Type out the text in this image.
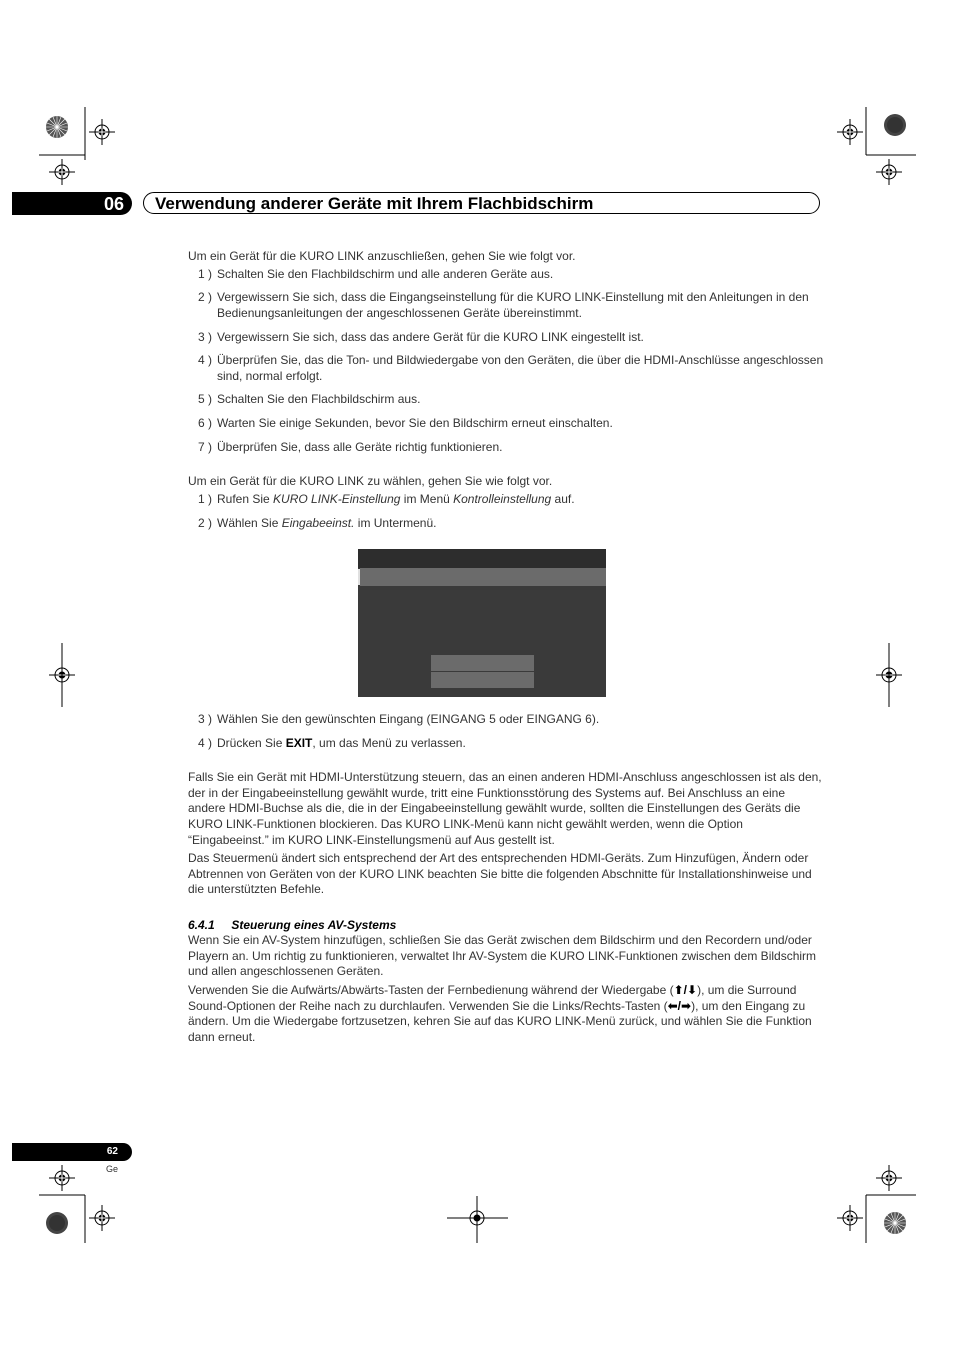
06 Verwendung anderer Geräte mit Ihrem Flachbidschirm
Um ein Gerät für die KURO LINK anzuschließen, gehen Sie wie folgt vor.
1 ) Schalten Sie den Flachbildschirm und alle anderen Geräte aus.
2 ) Vergewissern Sie sich, dass die Eingangseinstellung für die KURO LINK-Einstellung mit den Anleitungen in den Bedienungsanleitungen der angeschlossenen Geräte übereinstimmt.
3 ) Vergewissern Sie sich, dass das andere Gerät für die KURO LINK eingestellt ist.
4 ) Überprüfen Sie, das die Ton- und Bildwiedergabe von den Geräten, die über die HDMI-Anschlüsse angeschlossen sind, normal erfolgt.
5 ) Schalten Sie den Flachbildschirm aus.
6 ) Warten Sie einige Sekunden, bevor Sie den Bildschirm erneut einschalten.
7 ) Überprüfen Sie, dass alle Geräte richtig funktionieren.
Um ein Gerät für die KURO LINK zu wählen, gehen Sie wie folgt vor.
1 ) Rufen Sie KURO LINK-Einstellung im Menü Kontrolleinstellung auf.
2 ) Wählen Sie Eingabeeinst. im Untermenü.
3 ) Wählen Sie den gewünschten Eingang (EINGANG 5 oder EINGANG 6).
4 ) Drücken Sie EXIT, um das Menü zu verlassen.
Falls Sie ein Gerät mit HDMI-Unterstützung steuern, das an einen anderen HDMI-Anschluss angeschlossen ist als den, der in der Eingabeeinstellung gewählt wurde, tritt eine Funktionsstörung des Systems auf. Bei Anschluss an eine andere HDMI-Buchse als die, die in der Eingabeeinstellung gewählt wurde, sollten die Einstellungen des Geräts die KURO LINK-Funktionen blockieren. Das KURO LINK-Menü kann nicht gewählt werden, wenn die Option “Eingabeeinst.” im KURO LINK-Einstellungsmenü auf Aus gestellt ist.
Das Steuermenü ändert sich entsprechend der Art des entsprechenden HDMI-Geräts. Zum Hinzufügen, Ändern oder Abtrennen von Geräten von der KURO LINK beachten Sie bitte die folgenden Abschnitte für Installationshinweise und die unterstützten Befehle.
6.4.1 Steuerung eines AV-Systems
Wenn Sie ein AV-System hinzufügen, schließen Sie das Gerät zwischen dem Bildschirm und den Recordern und/oder Playern an. Um richtig zu funktionieren, verwaltet Ihr AV-System die KURO LINK-Funktionen zwischen dem Bildschirm und allen angeschlossenen Geräten.
Verwenden Sie die Aufwärts/Abwärts-Tasten der Fernbedienung während der Wiedergabe (⬆/⬇), um die Surround Sound-Optionen der Reihe nach zu durchlaufen. Verwenden Sie die Links/Rechts-Tasten (⬅/➡), um den Eingang zu ändern. Um die Wiedergabe fortzusetzen, kehren Sie auf das KURO LINK-Menü zurück, und wählen Sie die Funktion dann erneut.
62
Ge
